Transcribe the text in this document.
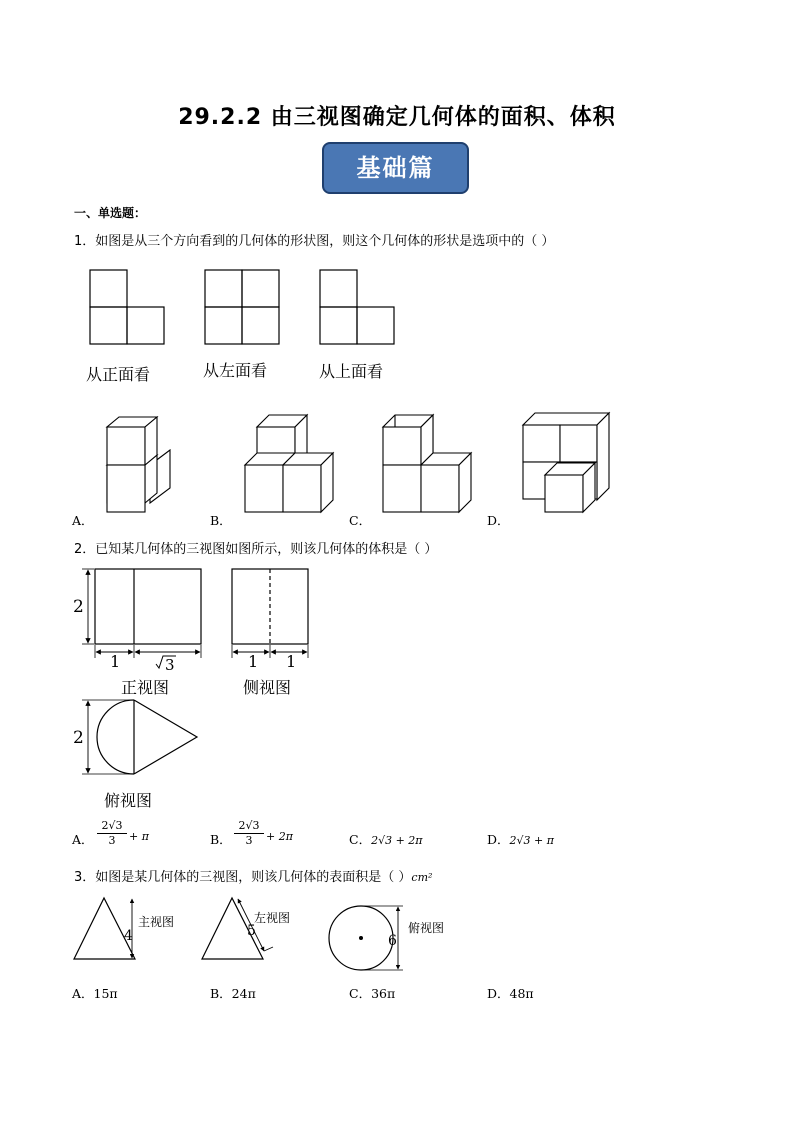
29.2.2 由三视图确定几何体的面积、体积
基础篇
一、单选题：
1．如图是从三个方向看到的几何体的形状图，则这个几何体的形状是选项中的（ ）
从正面看	从左面看	从上面看
A．	B．	C．	D．
2．已知某几何体的三视图如图所示，则该几何体的体积是（ ）
2
1	3	1 1
2
正视图	侧视图
俯视图
A． $\frac{2√3}{3} + \pi$	B． $\frac{2√3}{3} + 2\pi$	C．2√3 + 2π	D．2√3 + π
3．如图是某几何体的三视图，则该几何体的表面积是（ ）cm²
4	5
6
主视图	左视图
俯视图
A．15π	B．24π	C．36π	D．48π
